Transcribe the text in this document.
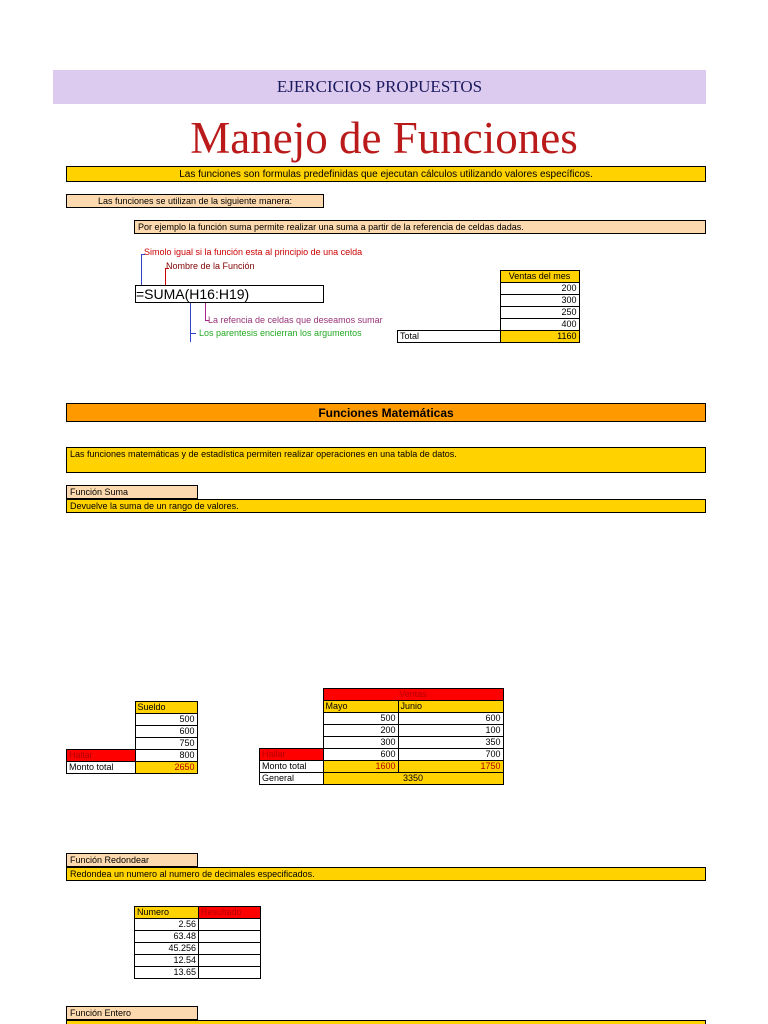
EJERCICIOS PROPUESTOS
Manejo de Funciones
Las funciones son formulas predefinidas que ejecutan cálculos utilizando valores específicos.
Las funciones se utilizan de la siguiente manera:
Por ejemplo la función suma permite realizar una suma a partir de la referencia de celdas dadas.
Simolo igual si la función esta al principio de una celda
Nombre de la Función
=SUMA(H16:H19)
La refencia de celdas que deseamos sumar
Los parentesis encierran los argumentos
	Ventas del mes
	200
	300
	250
	400
Total	1160
Funciones Matemáticas
Las funciones matemáticas y de estadística permiten realizar operaciones en una tabla de datos.
Función Suma
Devuelve la suma de un rango de valores.
	Sueldo
	500
	600
	750
Hallar	800
Monto total	2650
	Ventas	
	Mayo	Junio
	500	600
	200	100
	300	350
Hallar	600	700
Monto total	1600	1750
General	3350	
Función Redondear
Redondea un numero al numero de decimales especificados.
Numero	Resultado
2.56	
63.48	
45.256	
12.54	
13.65	
Función Entero
